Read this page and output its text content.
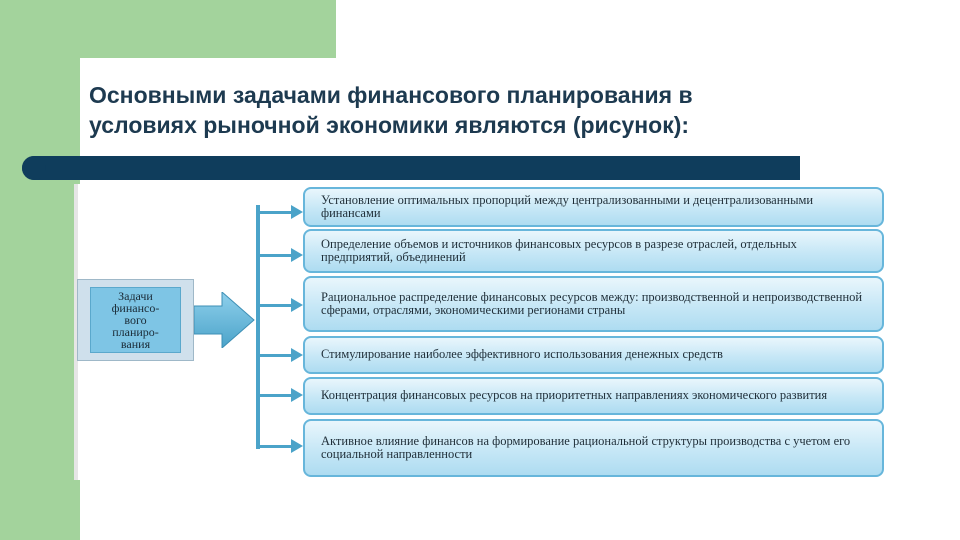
Основными задачами финансового планирования в
условиях рыночной экономики являются (рисунок):
Задачи
финансо-
вого
планиро-
вания
Установление оптимальных пропорций между централизованными и децентрализованными финансами
Определение объемов и источников финансовых ресурсов в разрезе отраслей, отдельных предприятий, объединений
Рациональное распределение финансовых ресурсов между: производственной и непроизводственной сферами, отраслями, экономическими регионами страны
Стимулирование наиболее эффективного использования денежных средств
Концентрация финансовых ресурсов на приоритетных направлениях экономического развития
Активное влияние финансов на формирование рациональной структуры производства с учетом его социальной направленности
